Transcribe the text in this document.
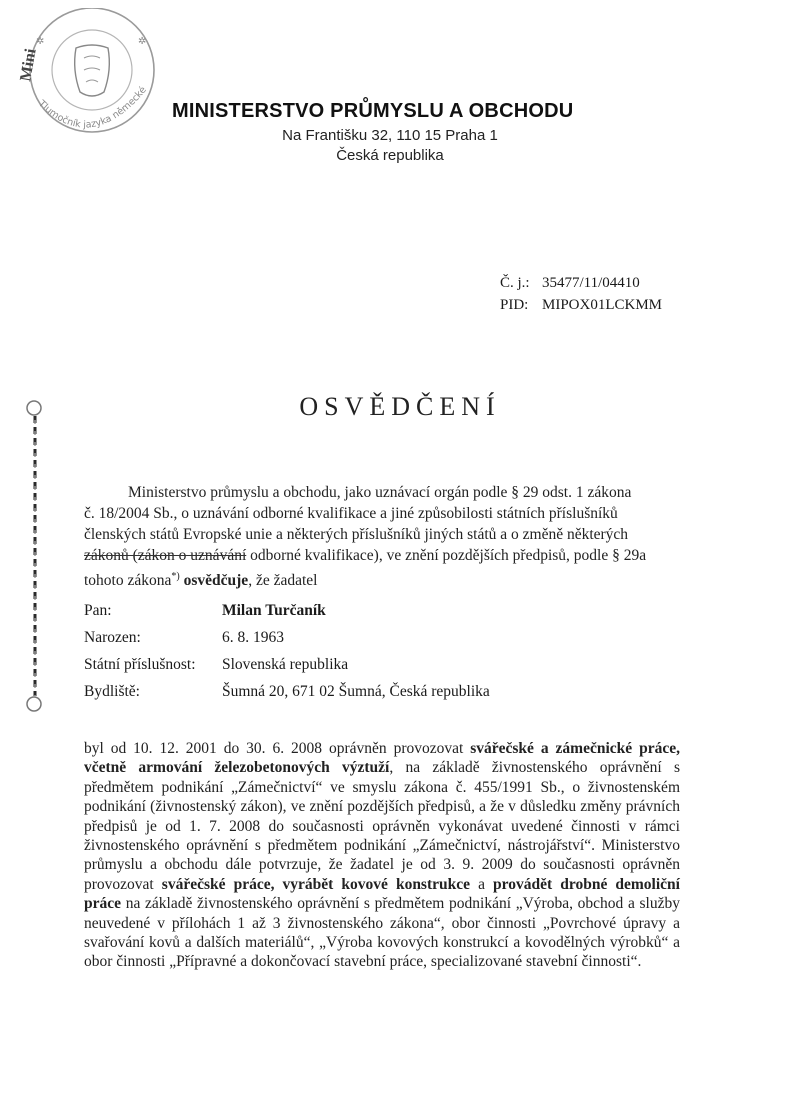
✲	✲
Mini
Tlumočník jazyka německé
MINISTERSTVO PRŮMYSLU A OBCHODU
Na Františku 32, 110 15 Praha 1
Česká republika
Č. j.:	35477/11/04410
PID:	MIPOX01LCKMM
OSVĚDČENÍ
Ministerstvo průmyslu a obchodu, jako uznávací orgán podle § 29 odst. 1 zákona
č. 18/2004 Sb., o uznávání odborné kvalifikace a jiné způsobilosti státních příslušníků
členských států Evropské unie a některých příslušníků jiných států a o změně některých
zákonů (zákon o uznávání odborné kvalifikace), ve znění pozdějších předpisů, podle § 29a
tohoto zákona*) osvědčuje, že žadatel
Pan:	Milan Turčaník
Narozen:	6. 8. 1963
Státní příslušnost: Slovenská republika
Bydliště:	Šumná 20, 671 02 Šumná, Česká republika
byl od 10. 12. 2001 do 30. 6. 2008 oprávněn provozovat svářečské a zámečnické práce, včetně armování železobetonových výztuží, na základě živnostenského oprávnění s předmětem podnikání „Zámečnictví“ ve smyslu zákona č. 455/1991 Sb., o živnostenském podnikání (živnostenský zákon), ve znění pozdějších předpisů, a že v důsledku změny právních předpisů je od 1. 7. 2008 do současnosti oprávněn vykonávat uvedené činnosti v rámci živnostenského oprávnění s předmětem podnikání „Zámečnictví, nástrojářství“. Ministerstvo průmyslu a obchodu dále potvrzuje, že žadatel je od 3. 9. 2009 do současnosti oprávněn provozovat svářečské práce, vyrábět kovové konstrukce a provádět drobné demoliční práce na základě živnostenského oprávnění s předmětem podnikání „Výroba, obchod a služby neuvedené v přílohách 1 až 3 živnostenského zákona“, obor činnosti „Povrchové úpravy a svařování kovů a dalších materiálů“, „Výroba kovových konstrukcí a kovodělných výrobků“ a obor činnosti „Přípravné a dokončovací stavební práce, specializované stavební činnosti“.
